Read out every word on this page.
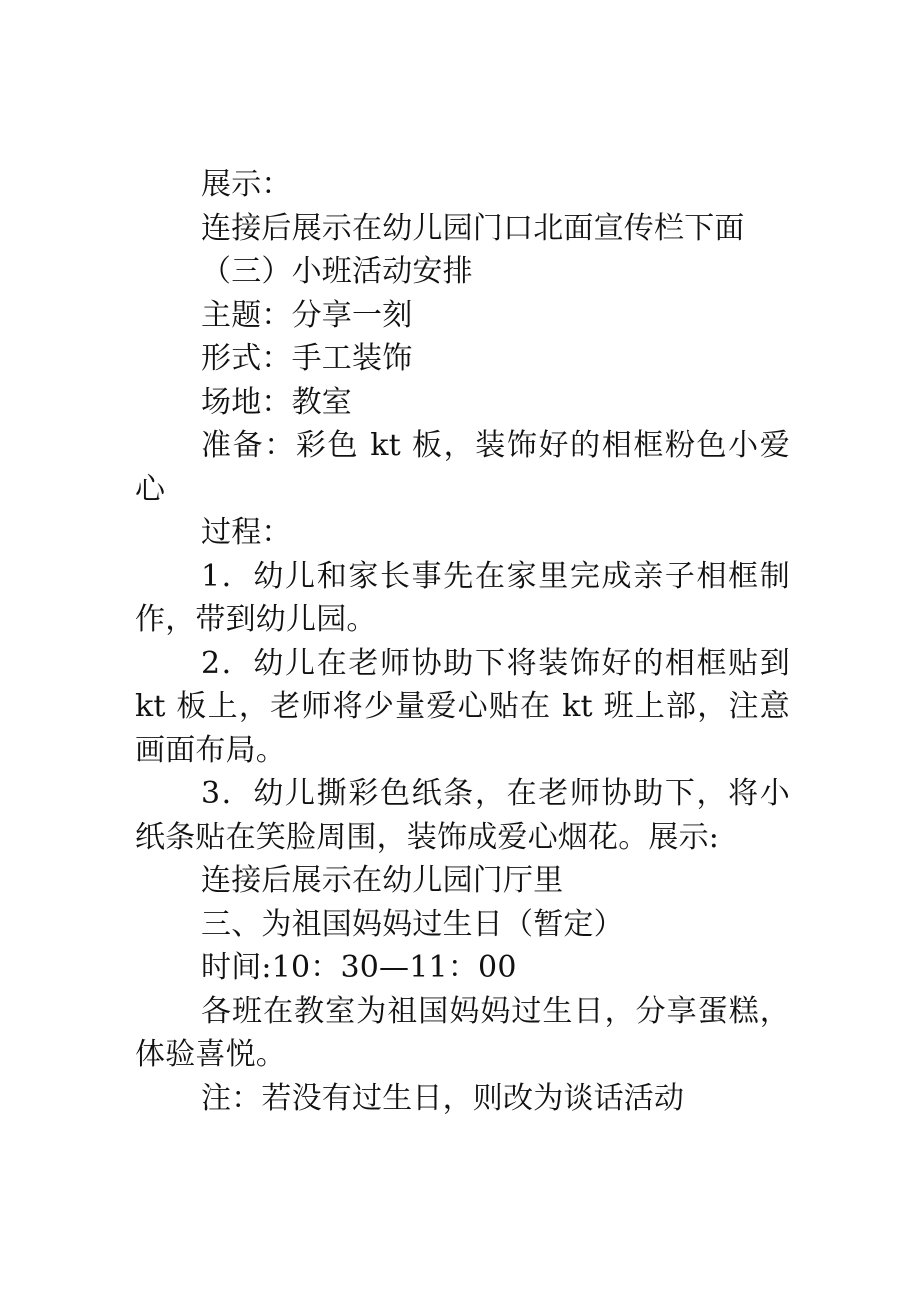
展示：

连接后展示在幼儿园门口北面宣传栏下面

（三）小班活动安排

主题：分享一刻

形式：手工装饰

场地：教室

准备：彩色 kt 板，装饰好的相框粉色小爱心

过程：

1．幼儿和家长事先在家里完成亲子相框制作，带到幼儿园。

2．幼儿在老师协助下将装饰好的相框贴到 kt 板上，老师将少量爱心贴在 kt 班上部，注意画面布局。

3．幼儿撕彩色纸条，在老师协助下，将小纸条贴在笑脸周围，装饰成爱心烟花。展示:

连接后展示在幼儿园门厅里

三、为祖国妈妈过生日（暂定）

时间:10：30—11：00

各班在教室为祖国妈妈过生日，分享蛋糕，体验喜悦。

注：若没有过生日，则改为谈话活动
